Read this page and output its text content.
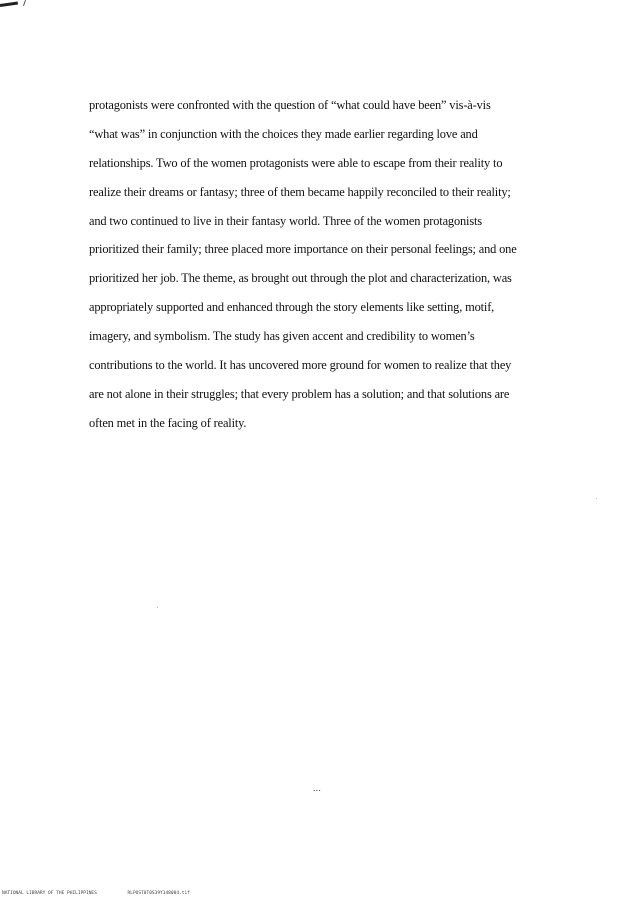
protagonists were confronted with the question of “what could have been” vis-à-vis
“what was” in conjunction with the choices they made earlier regarding love and
relationships. Two of the women protagonists were able to escape from their reality to
realize their dreams or fantasy; three of them became happily reconciled to their reality;
and two continued to live in their fantasy world. Three of the women protagonists
prioritized their family; three placed more importance on their personal feelings; and one
prioritized her job. The theme, as brought out through the plot and characterization, was
appropriately supported and enhanced through the story elements like setting, motif,
imagery, and symbolism. The study has given accent and credibility to women’s
contributions to the world. It has uncovered more ground for women to realize that they
are not alone in their struggles; that every problem has a solution; and that solutions are
often met in the facing of reality.
...
NATIONAL LIBRARY OF THE PHILIPPINES	RLPOST0T0S39Y148004.tif
